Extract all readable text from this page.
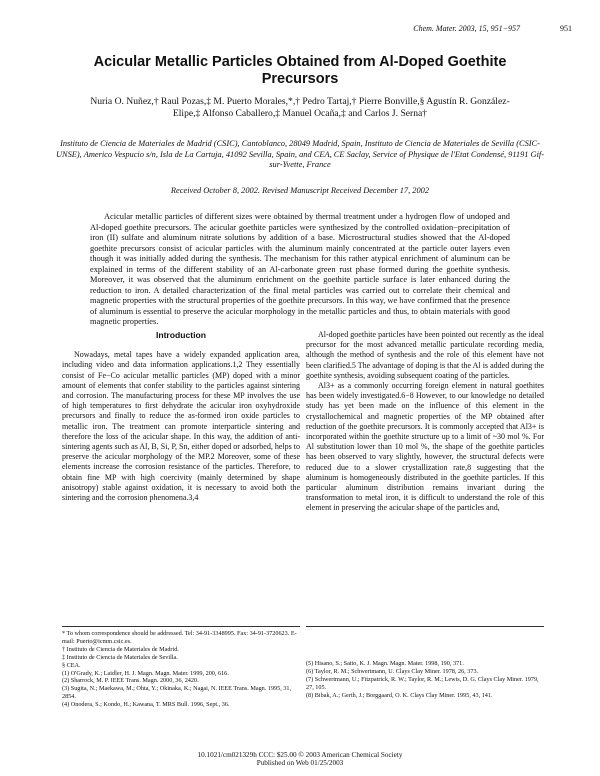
Chem. Mater. 2003, 15, 951−957	951
Acicular Metallic Particles Obtained from Al-Doped Goethite Precursors
Nuria O. Nuñez,† Raul Pozas,‡ M. Puerto Morales,*,† Pedro Tartaj,† Pierre Bonville,§ Agustín R. González-Elipe,‡ Alfonso Caballero,‡ Manuel Ocaña,‡ and Carlos J. Serna†
Instituto de Ciencia de Materiales de Madrid (CSIC), Cantoblanco, 28049 Madrid, Spain, Instituto de Ciencia de Materiales de Sevilla (CSIC-UNSE), Americo Vespucio s/n, Isla de La Cartuja, 41092 Sevilla, Spain, and CEA, CE Saclay, Service of Physique de l'Etat Condensé, 91191 Gif-sur-Yvette, France
Received October 8, 2002. Revised Manuscript Received December 17, 2002

Acicular metallic particles of different sizes were obtained by thermal treatment under a hydrogen flow of undoped and Al-doped goethite precursors. The acicular goethite particles were synthesized by the controlled oxidation−precipitation of iron (II) sulfate and aluminum nitrate solutions by addition of a base. Microstructural studies showed that the Al-doped goethite precursors consist of acicular particles with the aluminum mainly concentrated at the particle outer layers even though it was initially added during the synthesis. The mechanism for this rather atypical enrichment of aluminum can be explained in terms of the different stability of an Al-carbonate green rust phase formed during the goethite synthesis. Moreover, it was observed that the aluminum enrichment on the goethite particle surface is later enhanced during the reduction to iron. A detailed characterization of the final metal particles was carried out to correlate their chemical and magnetic properties with the structural properties of the goethite precursors. In this way, we have confirmed that the presence of aluminum is essential to preserve the acicular morphology in the metallic particles and thus, to obtain materials with good magnetic properties.

Introduction

Nowadays, metal tapes have a widely expanded application area, including video and data information applications.1,2 They essentially consist of Fe−Co acicular metallic particles (MP) doped with a minor amount of elements that confer stability to the particles against sintering and corrosion. The manufacturing process for these MP involves the use of high temperatures to first dehydrate the acicular iron oxyhydroxide precursors and finally to reduce the as-formed iron oxide particles to metallic iron. The treatment can promote interparticle sintering and therefore the loss of the acicular shape. In this way, the addition of anti-sintering agents such as Al, B, Si, P, Sn, either doped or adsorbed, helps to preserve the acicular morphology of the MP.2 Moreover, some of these elements increase the corrosion resistance of the particles. Therefore, to obtain fine MP with high coercivity (mainly determined by shape anisotropy) stable against oxidation, it is necessary to avoid both the sintering and the corrosion phenomena.3,4

Al-doped goethite particles have been pointed out recently as the ideal precursor for the most advanced metallic particulate recording media, although the method of synthesis and the role of this element have not been clarified.5 The advantage of doping is that the Al is added during the goethite synthesis, avoiding subsequent coating of the particles.

Al3+ as a commonly occurring foreign element in natural goethites has been widely investigated.6−8 However, to our knowledge no detailed study has yet been made on the influence of this element in the crystallochemical and magnetic properties of the MP obtained after reduction of the goethite precursors. It is commonly accepted that Al3+ is incorporated within the goethite structure up to a limit of ~30 mol %. For Al substitution lower than 10 mol %, the shape of the goethite particles has been observed to vary slightly, however, the structural defects were reduced due to a slower crystallization rate,8 suggesting that the aluminum is homogeneously distributed in the goethite particles. If this particular aluminum distribution remains invariant during the transformation to metal iron, it is difficult to understand the role of this element in preserving the acicular shape of the particles and,

* To whom correspondence should be addressed. Tel: 34-91-3348995. Fax: 34-91-3720623. E-mail: Puerto@icmm.csic.es.
† Instituto de Ciencia de Materiales de Madrid.
‡ Instituto de Ciencia de Materiales de Sevilla.
§ CEA.
(1) O'Grady, K.; Laidler, H. J. Magn. Magn. Mater. 1999, 200, 616.
(2) Sharrock, M. P. IEEE Trans. Magn. 2000, 36, 2420.
(3) Sugita, N.; Maekawa, M.; Ohta, Y.; Okinaka, K.; Nagai, N. IEEE Trans. Magn. 1995, 31, 2854.
(4) Onodera, S.; Kondo, H.; Kawana, T. MRS Bull. 1996, Sept., 36.
(5) Hisano, S.; Saito, K. J. Magn. Magn. Mater. 1998, 190, 371.
(6) Taylor, R. M.; Schwertmann, U. Clays Clay Miner. 1978, 26, 373.
(7) Schwertmann, U.; Fitzpatrick, R. W.; Taylor, R. M.; Lewis, D. G. Clays Clay Miner. 1979, 27, 105.
(8) Bibak, A.; Gerth, J.; Borggaard, O. K. Clays Clay Miner. 1995, 43, 141.
10.1021/cm021329h CCC: $25.00 © 2003 American Chemical Society
Published on Web 01/25/2003
